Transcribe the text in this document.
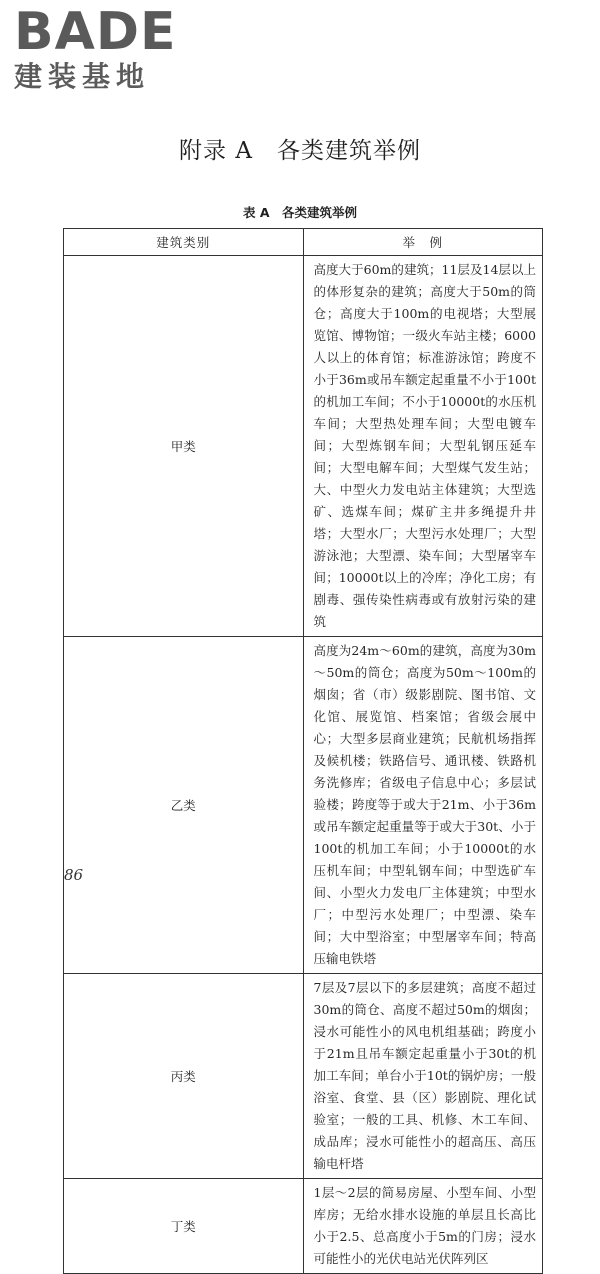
BADE
建装基地
附录 A　各类建筑举例
表 A　各类建筑举例
建筑类别	举　例
甲类	高度大于60m的建筑；11层及14层以上的体形复杂的建筑；高度大于50m的筒仓；高度大于100m的电视塔；大型展览馆、博物馆；一级火车站主楼；6000人以上的体育馆；标准游泳馆；跨度不小于36m或吊车额定起重量不小于100t的机加工车间；不小于10000t的水压机车间；大型热处理车间；大型电镀车间；大型炼钢车间；大型轧钢压延车间；大型电解车间；大型煤气发生站；大、中型火力发电站主体建筑；大型选矿、选煤车间；煤矿主井多绳提升井塔；大型水厂；大型污水处理厂；大型游泳池；大型漂、染车间；大型屠宰车间；10000t以上的冷库；净化工房；有剧毒、强传染性病毒或有放射污染的建筑
乙类	高度为24m～60m的建筑，高度为30m～50m的筒仓；高度为50m～100m的烟囱；省（市）级影剧院、图书馆、文化馆、展览馆、档案馆；省级会展中心；大型多层商业建筑；民航机场指挥及候机楼；铁路信号、通讯楼、铁路机务洗修库；省级电子信息中心；多层试验楼；跨度等于或大于21m、小于36m或吊车额定起重量等于或大于30t、小于100t的机加工车间；小于10000t的水压机车间；中型轧钢车间；中型选矿车间、小型火力发电厂主体建筑；中型水厂；中型污水处理厂；中型漂、染车间；大中型浴室；中型屠宰车间；特高压输电铁塔
丙类	7层及7层以下的多层建筑；高度不超过30m的筒仓、高度不超过50m的烟囱；浸水可能性小的风电机组基础；跨度小于21m且吊车额定起重量小于30t的机加工车间；单台小于10t的锅炉房；一般浴室、食堂、县（区）影剧院、理化试验室；一般的工具、机修、木工车间、成品库；浸水可能性小的超高压、高压输电杆塔
丁类	1层～2层的简易房屋、小型车间、小型库房；无给水排水设施的单层且长高比小于2.5、总高度小于5m的门房；浸水可能性小的光伏电站光伏阵列区
86
